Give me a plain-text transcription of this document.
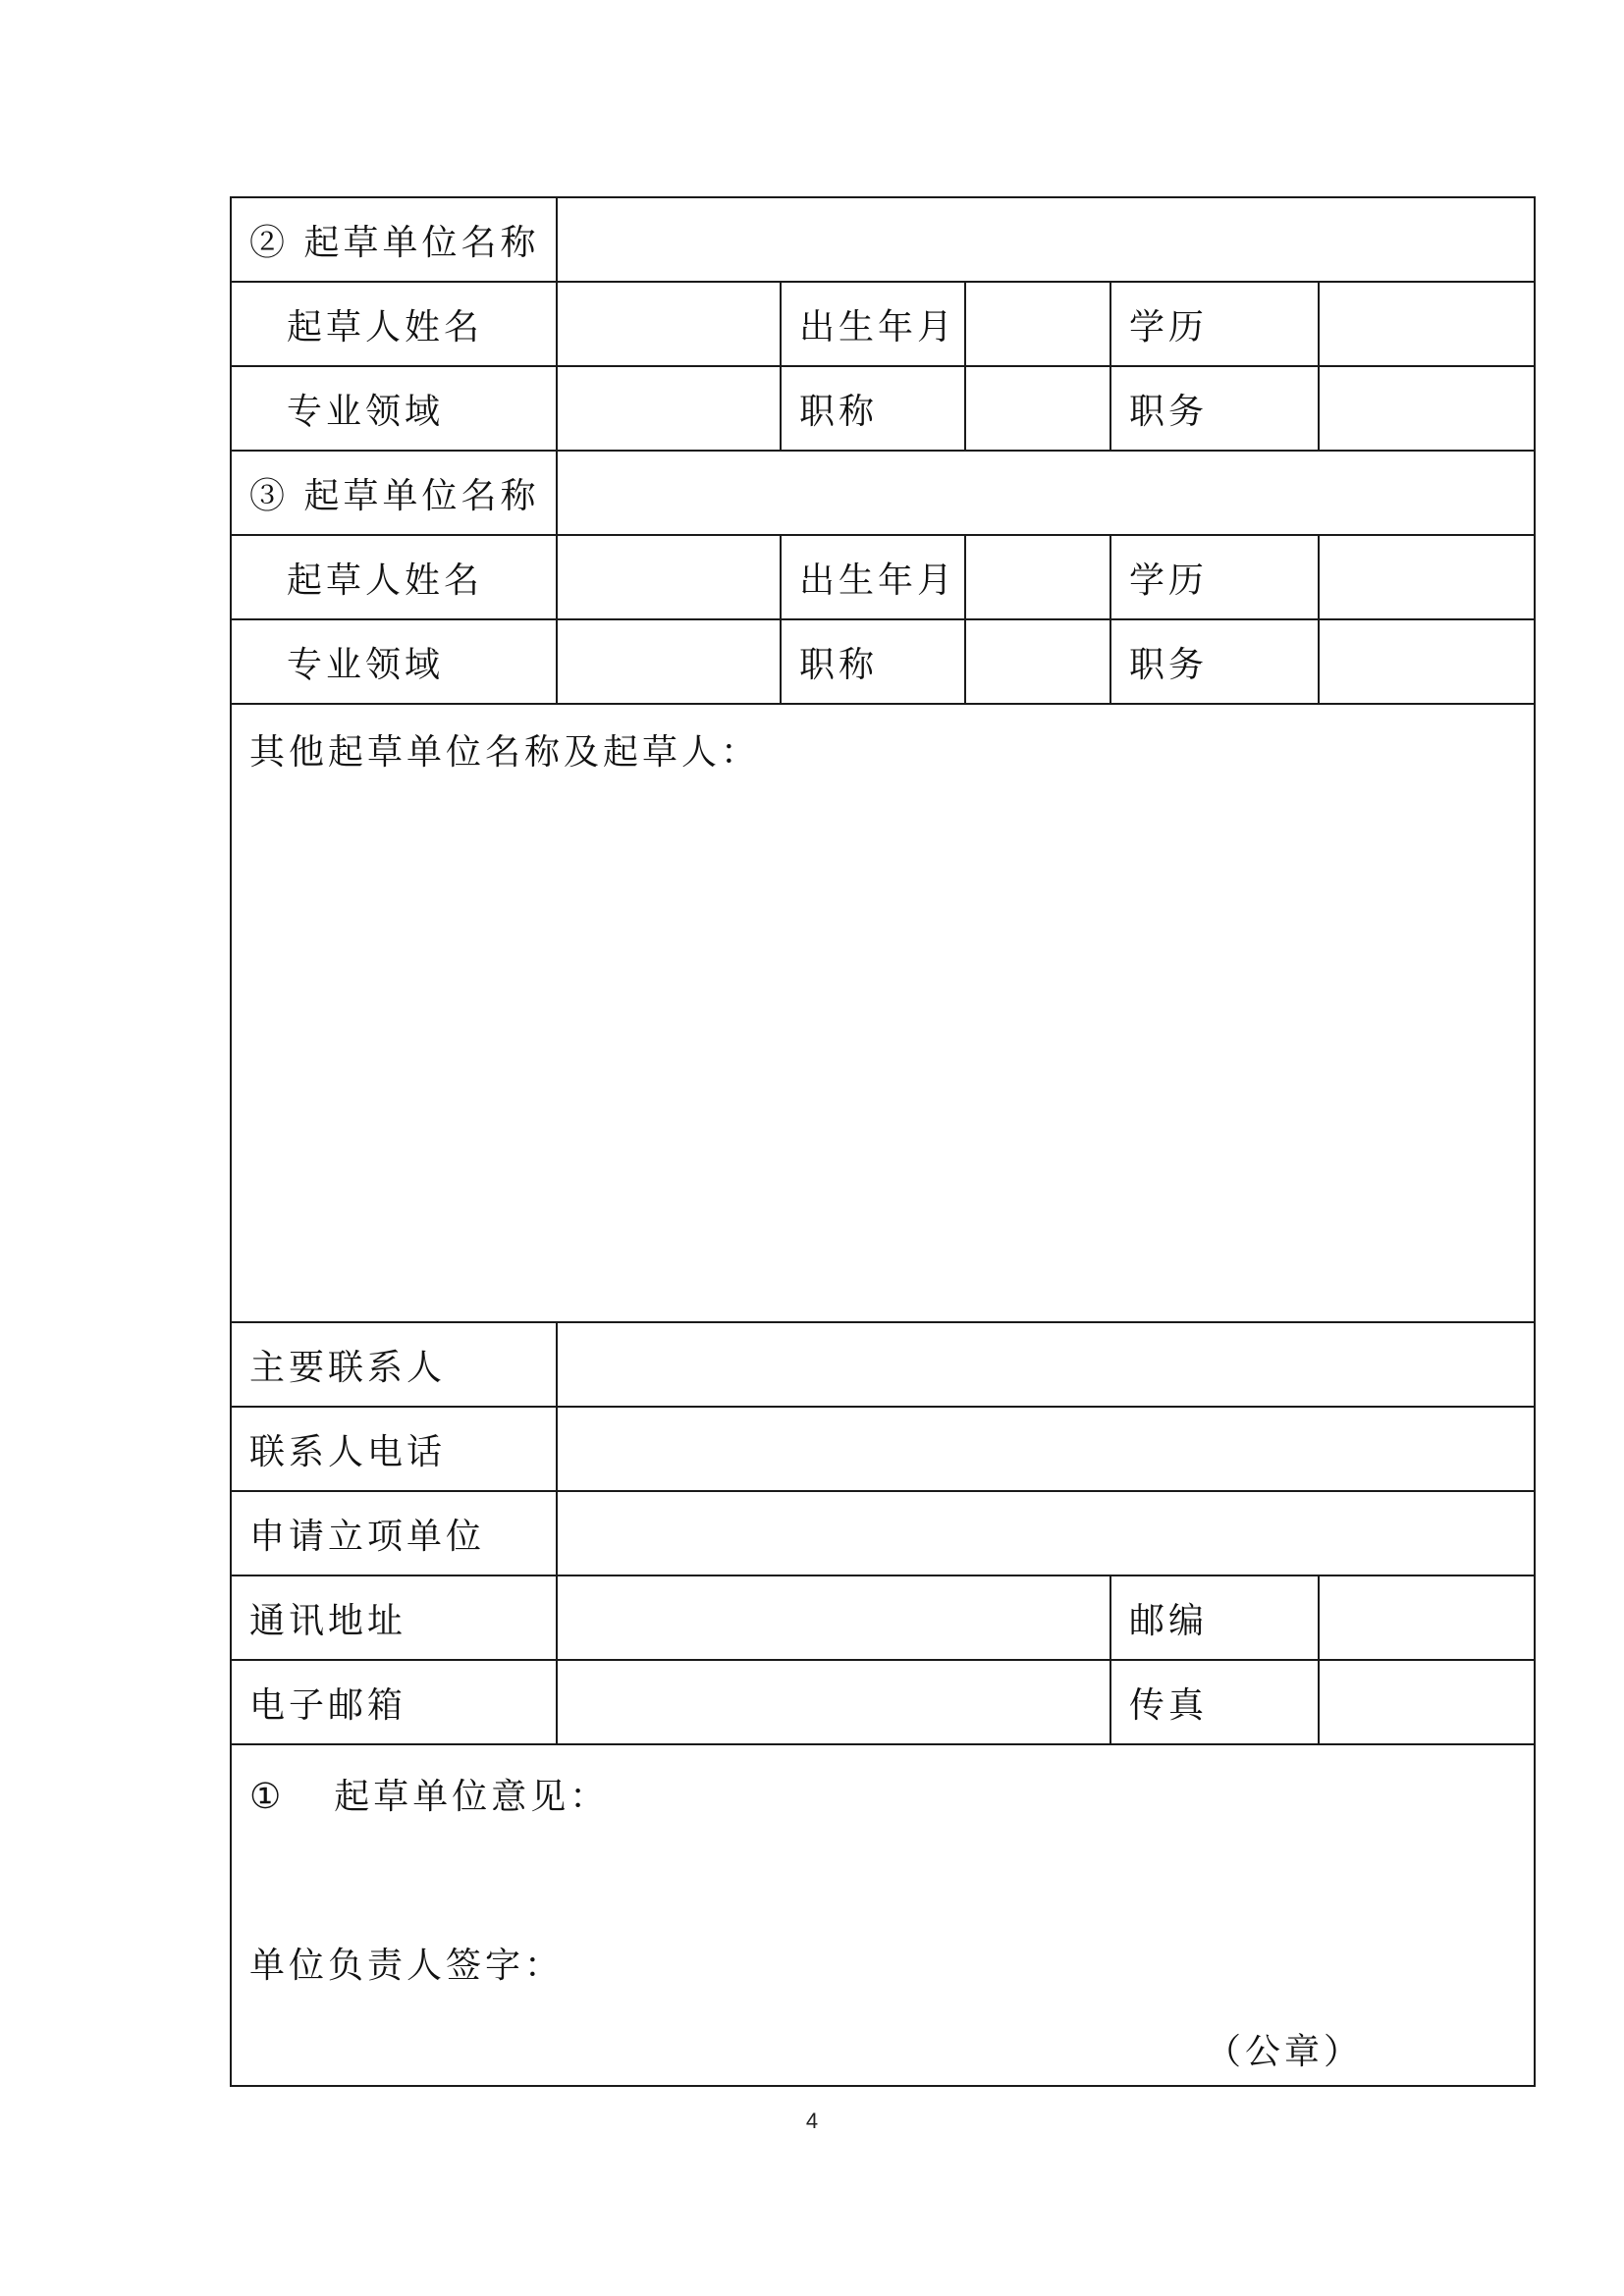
② 起草单位名称					
起草人姓名		出生年月		学历	
专业领域		职称		职务	
③ 起草单位名称					
起草人姓名		出生年月		学历	
专业领域		职称		职务	
其他起草单位名称及起草人：					
主要联系人					
联系人电话					
申请立项单位					
通讯地址				邮编	
电子邮箱				传真	

① 起草单位意见：
单位负责人签字：
（公章）					
4
